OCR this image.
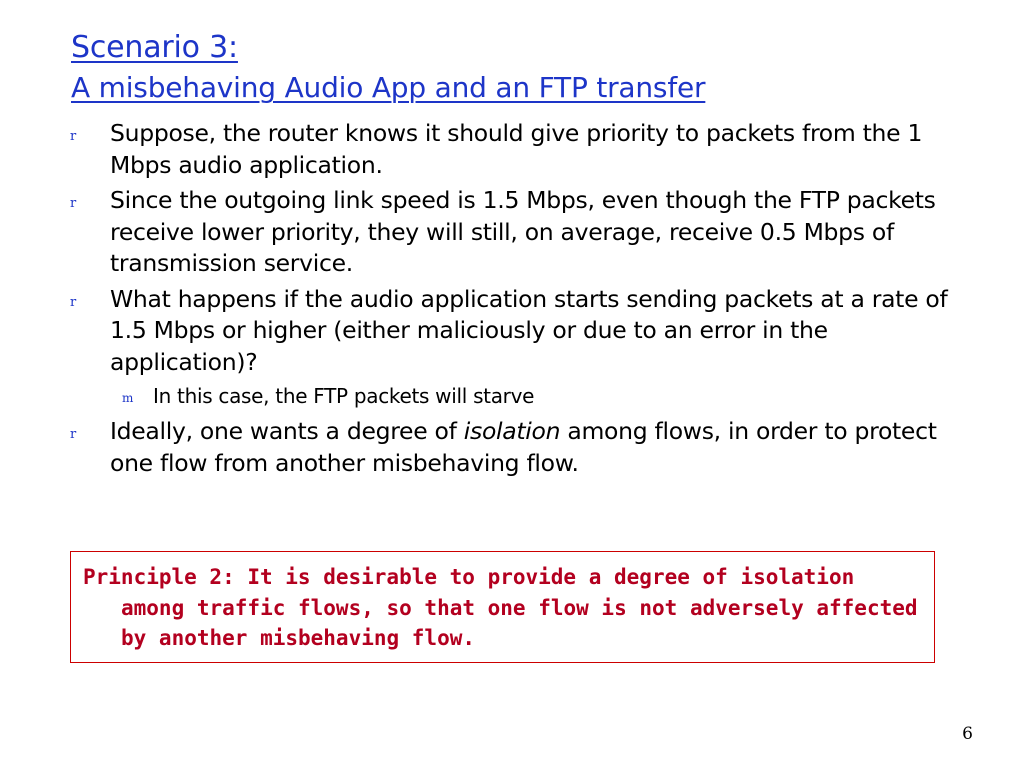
Scenario 3:
A misbehaving Audio App and an FTP transfer
r Suppose, the router knows it should give priority to packets from the 1 Mbps audio application.
r Since the outgoing link speed is 1.5 Mbps, even though the FTP packets receive lower priority, they will still, on average, receive 0.5 Mbps of transmission service.
r What happens if the audio application starts sending packets at a rate of 1.5 Mbps or higher (either maliciously or due to an error in the application)?
m In this case, the FTP packets will starve
r Ideally, one wants a degree of isolation among flows, in order to protect one flow from another misbehaving flow.
Principle 2: It is desirable to provide a degree of isolation among traffic flows, so that one flow is not adversely affected by another misbehaving flow.
6
